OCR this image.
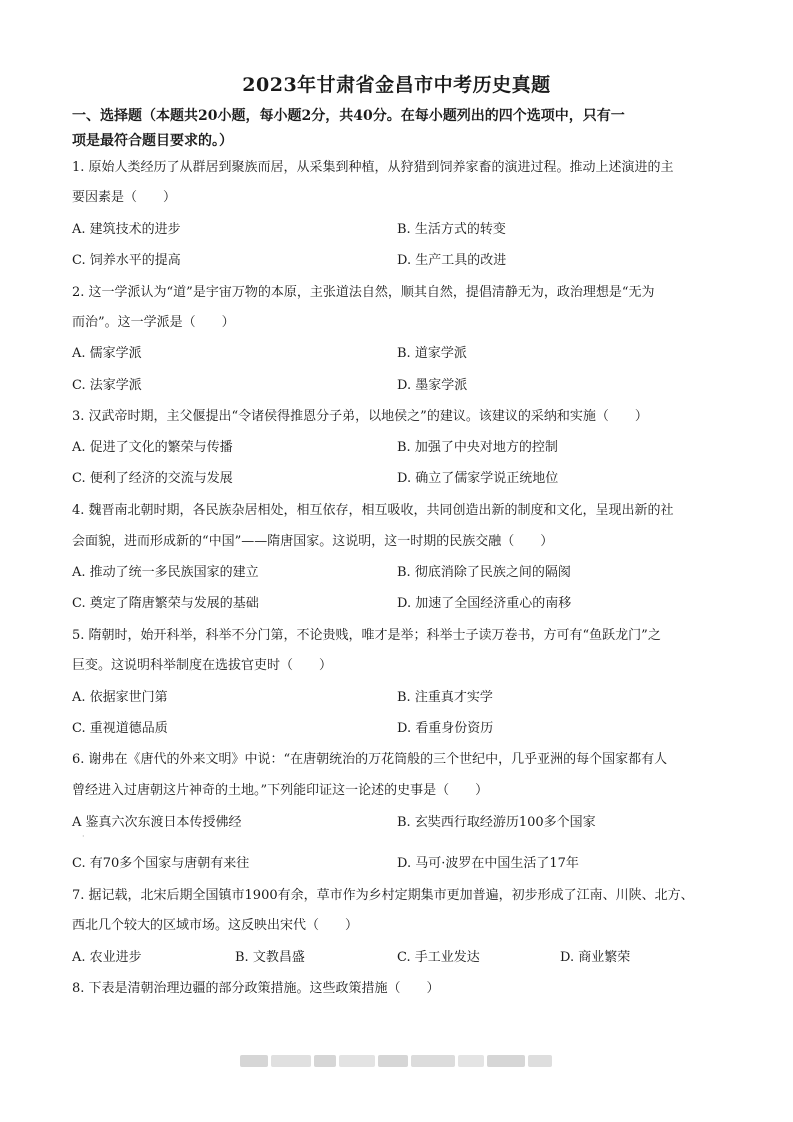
2023年甘肃省金昌市中考历史真题
一、选择题（本题共20小题，每小题2分，共40分。在每小题列出的四个选项中，只有一
项是最符合题目要求的。）
1. 原始人类经历了从群居到聚族而居，从采集到种植，从狩猎到饲养家畜的演进过程。推动上述演进的主
要因素是（　　）
A. 建筑技术的进步	B. 生活方式的转变
C. 饲养水平的提高	D. 生产工具的改进
2. 这一学派认为“道”是宇宙万物的本原，主张道法自然，顺其自然，提倡清静无为，政治理想是“无为
而治”。这一学派是（　　）
A. 儒家学派	B. 道家学派
C. 法家学派	D. 墨家学派
3. 汉武帝时期，主父偃提出“令诸侯得推恩分子弟，以地侯之”的建议。该建议的采纳和实施（　　）
A. 促进了文化的繁荣与传播	B. 加强了中央对地方的控制
C. 便利了经济的交流与发展	D. 确立了儒家学说正统地位
4. 魏晋南北朝时期，各民族杂居相处，相互依存，相互吸收，共同创造出新的制度和文化，呈现出新的社
会面貌，进而形成新的“中国”——隋唐国家。这说明，这一时期的民族交融（　　）
A. 推动了统一多民族国家的建立	B. 彻底消除了民族之间的隔阂
C. 奠定了隋唐繁荣与发展的基础	D. 加速了全国经济重心的南移
5. 隋朝时，始开科举，科举不分门第，不论贵贱，唯才是举；科举士子读万卷书，方可有“鱼跃龙门”之
巨变。这说明科举制度在选拔官吏时（　　）
A. 依据家世门第	B. 注重真才实学
C. 重视道德品质	D. 看重身份资历
6. 谢弗在《唐代的外来文明》中说：“在唐朝统治的万花筒般的三个世纪中，几乎亚洲的每个国家都有人
曾经进入过唐朝这片神奇的土地。”下列能印证这一论述的史事是（　　）
A 鉴真六次东渡日本传授佛经	B. 玄奘西行取经游历100多个国家
·
C. 有70多个国家与唐朝有来往	D. 马可·波罗在中国生活了17年
7. 据记载，北宋后期全国镇市1900有余，草市作为乡村定期集市更加普遍，初步形成了江南、川陕、北方、
西北几个较大的区域市场。这反映出宋代（　　）
A. 农业进步	B. 文教昌盛	C. 手工业发达	D. 商业繁荣
8. 下表是清朝治理边疆的部分政策措施。这些政策措施（　　）
